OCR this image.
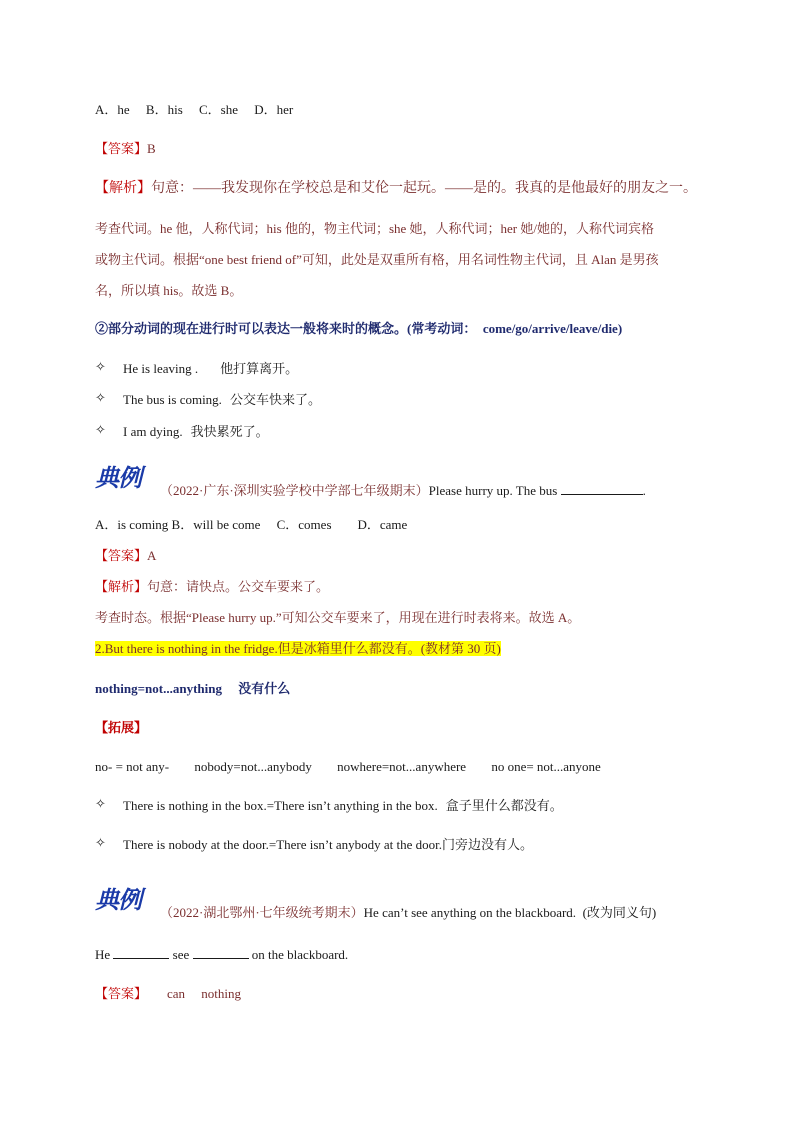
A．he　 B．his　 C．she　 D．her
【答案】B
【解析】句意：——我发现你在学校总是和艾伦一起玩。——是的。我真的是他最好的朋友之一。
考查代词。he 他，人称代词；his 他的，物主代词；she 她，人称代词；her 她/她的，人称代词宾格
或物主代词。根据“one best friend of”可知，此处是双重所有格，用名词性物主代词，且 Alan 是男孩
名，所以填 his。故选 B。
②部分动词的现在进行时可以表达一般将来时的概念。(常考动词：　come/go/arrive/leave/die)
✧ He is leaving . 他打算离开。
✧ The bus is coming. 公交车快来了。
✧ I am dying. 我快累死了。
典例 （2022·广东·深圳实验学校中学部七年级期末）Please hurry up. The bus	.
A．is coming B．will be come　 C．comes　　D．came
【答案】A
【解析】句意：请快点。公交车要来了。
考查时态。根据“Please hurry up.”可知公交车要来了，用现在进行时表将来。故选 A。
2.But there is nothing in the fridge.但是冰箱里什么都没有。(教材第 30 页)
nothing=not...anything　 没有什么
【拓展】
no- = not any- nobody=not...anybody nowhere=not...anywhere no one= not...anyone
✧ There is nothing in the box.=There isn’t anything in the box. 盒子里什么都没有。
✧ There is nobody at the door.=There isn’t anybody at the door.门旁边没有人。
典例 （2022·湖北鄂州·七年级统考期末）He can’t see anything on the blackboard. (改为同义句)
He	see	on the blackboard.
【答案】 can　 nothing
